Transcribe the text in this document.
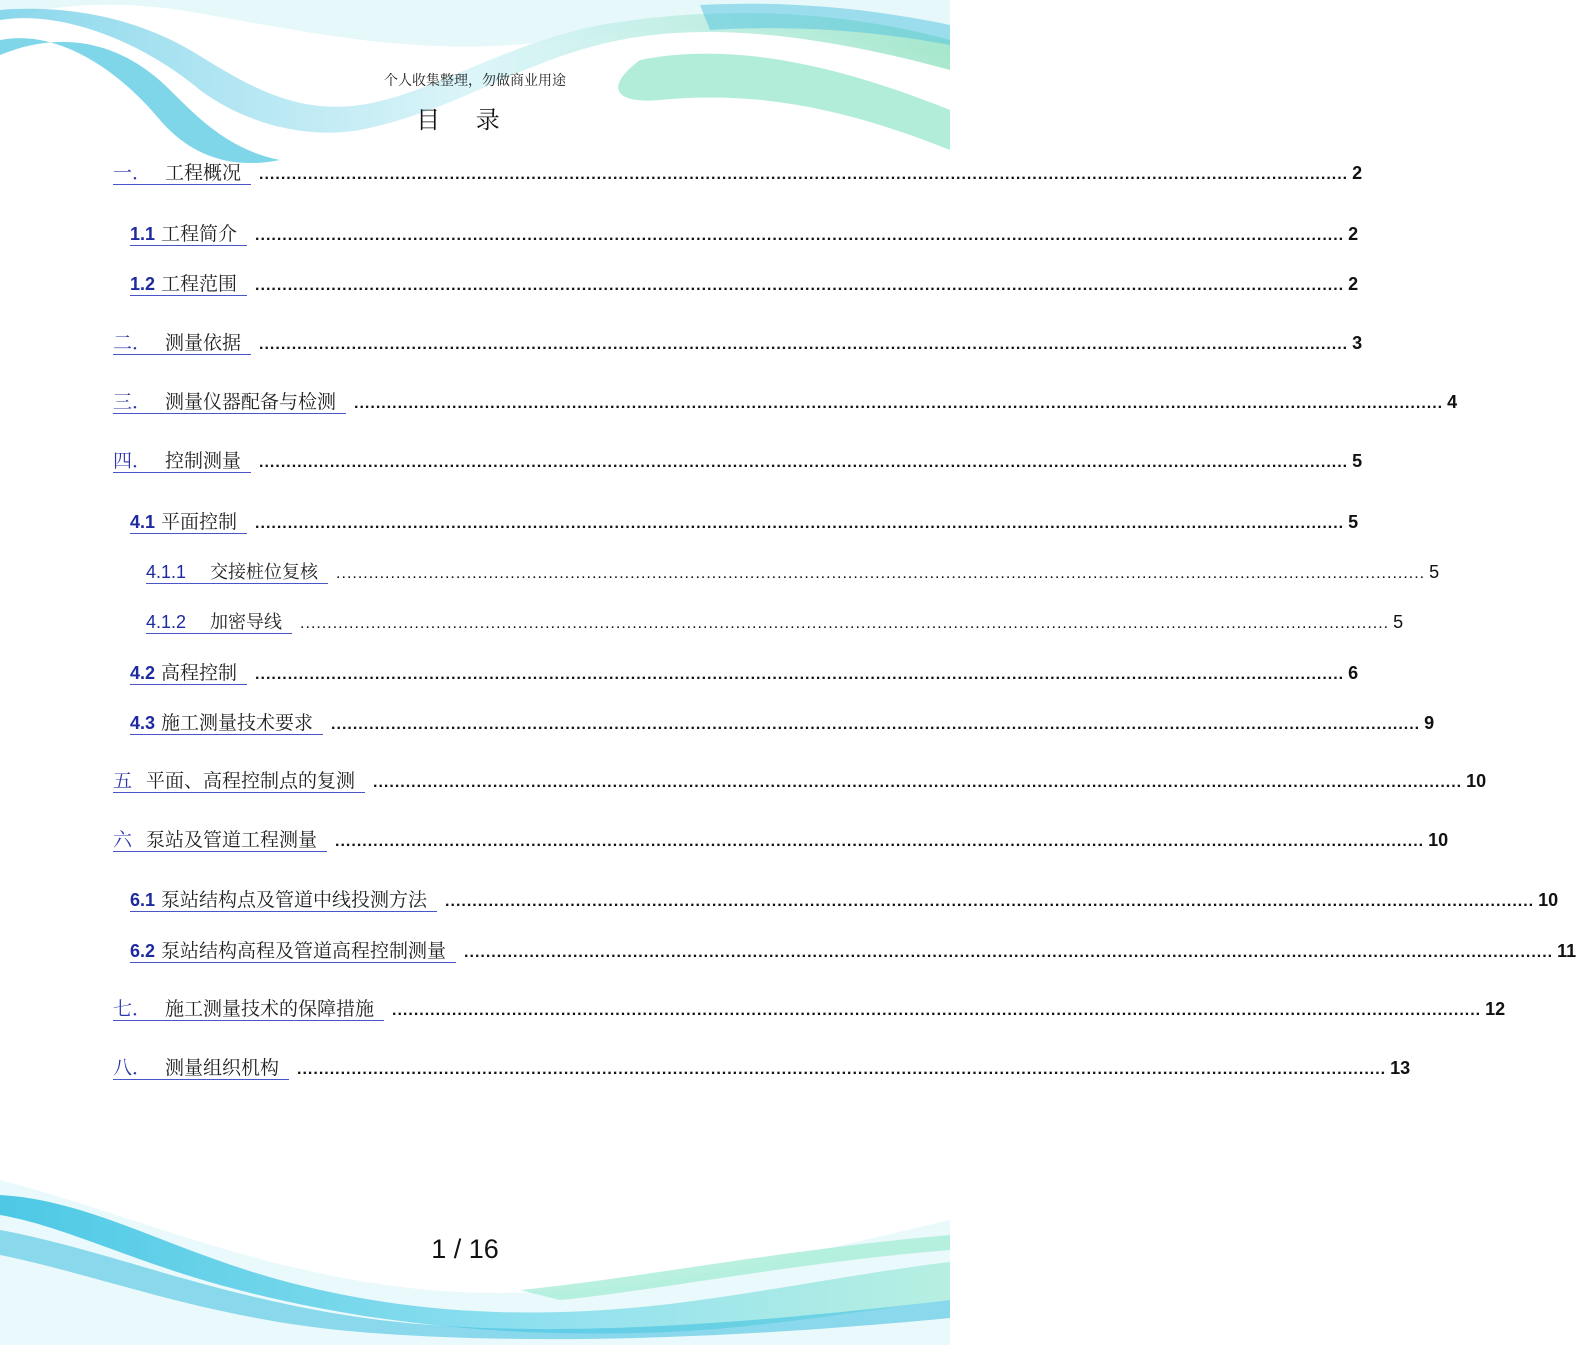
个人收集整理，勿做商业用途
目 录
一． 工程概况 ........................................................................................................................................................................................................ 2
1.1 工程简介 ........................................................................................................................................................................................................ 2
1.2 工程范围 ........................................................................................................................................................................................................ 2
二． 测量依据 ........................................................................................................................................................................................................ 3
三． 测量仪器配备与检测 ........................................................................................................................................................................................................ 4
四． 控制测量 ........................................................................................................................................................................................................ 5
4.1 平面控制 ........................................................................................................................................................................................................ 5
4.1.1 交接桩位复核 ........................................................................................................................................................................................................ 5
4.1.2 加密导线 ........................................................................................................................................................................................................ 5
4.2 高程控制 ........................................................................................................................................................................................................ 6
4.3 施工测量技术要求 ........................................................................................................................................................................................................ 9
五 平面、高程控制点的复测 ........................................................................................................................................................................................................ 10
六 泵站及管道工程测量 ........................................................................................................................................................................................................ 10
6.1 泵站结构点及管道中线投测方法 ........................................................................................................................................................................................................ 10
6.2 泵站结构高程及管道高程控制测量 ........................................................................................................................................................................................................ 11
七． 施工测量技术的保障措施 ........................................................................................................................................................................................................ 12
八． 测量组织机构 ........................................................................................................................................................................................................ 13
1 / 16
